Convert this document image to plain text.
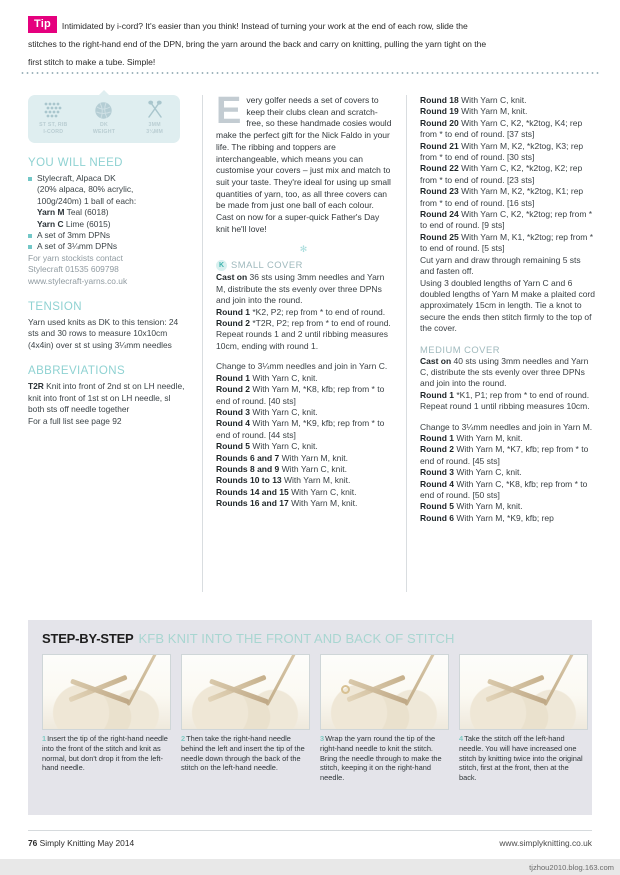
Tip Intimidated by i-cord? It's easier than you think! Instead of turning your work at the end of each row, slide the stitches to the right-hand end of the DPN, bring the yarn around the back and carry on knitting, pulling the yarn tight on the first stitch to make a tube. Simple!
ST ST, RIB
I-CORD
DK
WEIGHT
3MM
3¼MM
YOU WILL NEED
Stylecraft, Alpaca DK
(20% alpaca, 80% acrylic,
100g/240m) 1 ball of each:
Yarn M Teal (6018)
Yarn C Lime (6015)
A set of 3mm DPNs
A set of 3¼mm DPNs
For yarn stockists contact
Stylecraft 01535 609798
www.stylecraft-yarns.co.uk
TENSION
Yarn used knits as DK to this tension: 24 sts and 30 rows to measure 10x10cm (4x4in) over st st using 3¼mm needles
ABBREVIATIONS
T2R Knit into front of 2nd st on LH needle, knit into front of 1st st on LH needle, sl both sts off needle together
For a full list see page 92
Every golfer needs a set of covers to keep their clubs clean and scratch-free, so these handmade cosies would make the perfect gift for the Nick Faldo in your life. The ribbing and toppers are interchangeable, which means you can customise your covers – just mix and match to suit your taste. They're ideal for using up small quantities of yarn, too, as all three covers can be made from just one ball of each colour. Cast on now for a super-quick Father's Day knit he'll love!
✻
K SMALL COVER

Cast on 36 sts using 3mm needles and Yarn M, distribute the sts evenly over three DPNs and join into the round.

Round 1 *K2, P2; rep from * to end of round.

Round 2 *T2R, P2; rep from * to end of round.

Repeat rounds 1 and 2 until ribbing measures 10cm, ending with round 1.

Change to 3¼mm needles and join in Yarn C.

Round 1 With Yarn C, knit.

Round 2 With Yarn M, *K8, kfb; rep from * to end of round. [40 sts]

Round 3 With Yarn C, knit.

Round 4 With Yarn M, *K9, kfb; rep from * to end of round. [44 sts]

Round 5 With Yarn C, knit.

Rounds 6 and 7 With Yarn M, knit.

Rounds 8 and 9 With Yarn C, knit.

Rounds 10 to 13 With Yarn M, knit.

Rounds 14 and 15 With Yarn C, knit.

Rounds 16 and 17 With Yarn M, knit.

Round 18 With Yarn C, knit.

Round 19 With Yarn M, knit.

Round 20 With Yarn C, K2, *k2tog, K4; rep from * to end of round. [37 sts]

Round 21 With Yarn M, K2, *k2tog, K3; rep from * to end of round. [30 sts]

Round 22 With Yarn C, K2, *k2tog, K2; rep from * to end of round. [23 sts]

Round 23 With Yarn M, K2, *k2tog, K1; rep from * to end of round. [16 sts]

Round 24 With Yarn C, K2, *k2tog; rep from * to end of round. [9 sts]

Round 25 With Yarn M, K1, *k2tog; rep from * to end of round. [5 sts]

Cut yarn and draw through remaining 5 sts and fasten off.

Using 3 doubled lengths of Yarn C and 6 doubled lengths of Yarn M make a plaited cord approximately 15cm in length. Tie a knot to secure the ends then stitch firmly to the top of the cover.

MEDIUM COVER

Cast on 40 sts using 3mm needles and Yarn C, distribute the sts evenly over three DPNs and join into the round.

Round 1 *K1, P1; rep from * to end of round.

Repeat round 1 until ribbing measures 10cm.

Change to 3¼mm needles and join in Yarn M.

Round 1 With Yarn M, knit.

Round 2 With Yarn M, *K7, kfb; rep from * to end of round. [45 sts]

Round 3 With Yarn C, knit.

Round 4 With Yarn C, *K8, kfb; rep from * to end of round. [50 sts]

Round 5 With Yarn M, knit.

Round 6 With Yarn M, *K9, kfb; rep

STEP-BY-STEP KFB KNIT INTO THE FRONT AND BACK OF STITCH
1Insert the tip of the right-hand needle into the front of the stitch and knit as normal, but don't drop it from the left-hand needle.
2Then take the right-hand needle behind the left and insert the tip of the needle down through the back of the stitch on the left-hand needle.
3Wrap the yarn round the tip of the right-hand needle to knit the stitch. Bring the needle through to make the stitch, keeping it on the right-hand needle.
4Take the stitch off the left-hand needle. You will have increased one stitch by knitting twice into the original stitch, first at the front, then at the back.
76 Simply Knitting May 2014	www.simplyknitting.co.uk
tjzhou2010.blog.163.com
